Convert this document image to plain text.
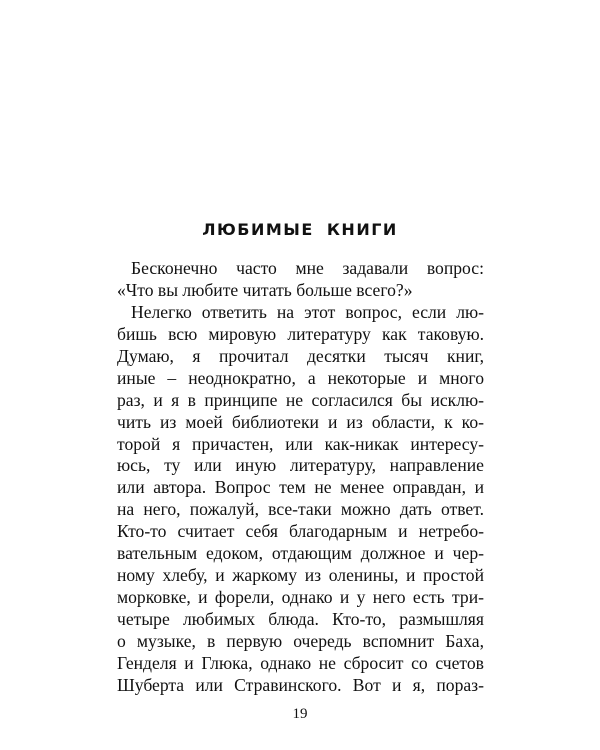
ЛЮБИМЫЕ КНИГИ
Бесконечно часто мне задавали вопрос:
«Что вы любите читать больше всего?»
Нелегко ответить на этот вопрос, если лю-
бишь всю мировую литературу как таковую.
Думаю, я прочитал десятки тысяч книг,
иные – неоднократно, а некоторые и много
раз, и я в принципе не согласился бы исклю-
чить из моей библиотеки и из области, к ко-
торой я причастен, или как-никак интересу-
юсь, ту или иную литературу, направление
или автора. Вопрос тем не менее оправдан, и
на него, пожалуй, все-таки можно дать ответ.
Кто-то считает себя благодарным и нетребо-
вательным едоком, отдающим должное и чер-
ному хлебу, и жаркому из оленины, и простой
морковке, и форели, однако и у него есть три-
четыре любимых блюда. Кто-то, размышляя
о музыке, в первую очередь вспомнит Баха,
Генделя и Глюка, однако не сбросит со счетов
Шуберта или Стравинского. Вот и я, пораз-
19
